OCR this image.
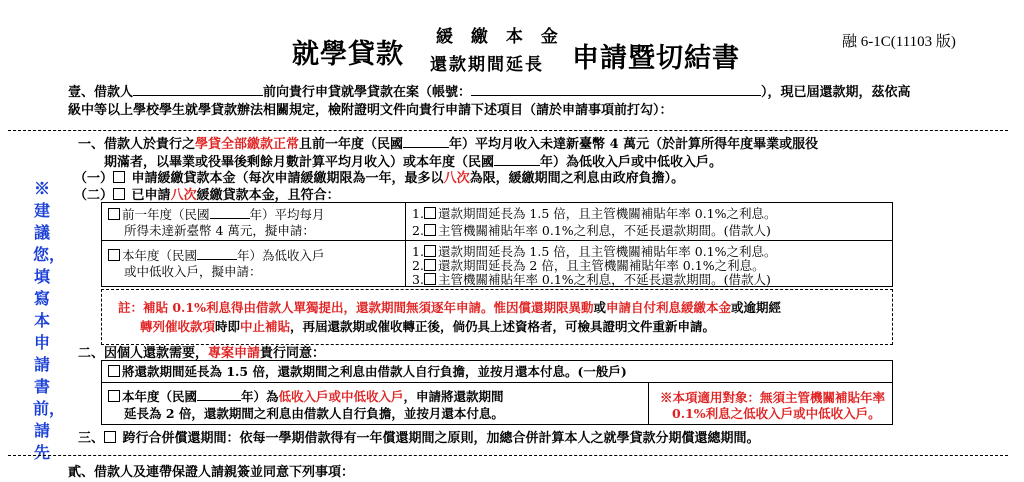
就學貸款
緩 繳 本 金
還款期間延長 申請暨切結書
融 6-1C(11103 版)
壹、借款人	前向貴行申貸就學貸款在案（帳號：	），現已屆還款期，茲依高
級中等以上學校學生就學貸款辦法相關規定，檢附證明文件向貴行申請下述項目（請於申請事項前打勾）：
※建議您，填寫本申請書前，請先
一、借款人於貴行之學貸全部繳款正常且前一年度（民國	年）平均月收入未達新臺幣 4 萬元（於計算所得年度畢業或服役
期滿者，以畢業或役畢後剩餘月數計算平均月收入）或本年度（民國	年）為低收入戶或中低收入戶。
（一） 申請緩繳貸款本金（每次申請緩繳期限為一年，最多以八次為限，緩繳期間之利息由政府負擔）。
（二） 已申請八次緩繳貸款本金，且符合：
前一年度（民國	年）平均每月
所得未達新臺幣 4 萬元，擬申請：
1. 還款期間延長為 1.5 倍，且主管機關補貼年率 0.1%之利息。
2. 主管機關補貼年率 0.1%之利息，不延長還款期間。(借款人)
本年度（民國	年）為低收入戶
或中低收入戶，擬申請：
1. 還款期間延長為 1.5 倍，且主管機關補貼年率 0.1%之利息。
2. 還款期間延長為 2 倍，且主管機關補貼年率 0.1%之利息。
3. 主管機關補貼年率 0.1%之利息，不延長還款期間。(借款人)
註：補貼 0.1%利息得由借款人單獨提出，還款期間無須逐年申請。惟因償還期限異動或申請自付利息緩繳本金或逾期經
轉列催收款項時即中止補貼，再屆還款期或催收轉正後，倘仍具上述資格者，可檢具證明文件重新申請。
二、因個人還款需要，專案申請貴行同意：
將還款期間延長為 1.5 倍，還款期間之利息由借款人自行負擔，並按月還本付息。(一般戶)
本年度（民國	年）為低收入戶或中低收入戶，申請將還款期間
延長為 2 倍，還款期間之利息由借款人自行負擔，並按月還本付息。
※本項適用對象：無須主管機關補貼年率
0.1%利息之低收入戶或中低收入戶。
三、 跨行合併償還期間：依每一學期借款得有一年償還期間之原則，加總合併計算本人之就學貸款分期償還總期間。
貳、借款人及連帶保證人請親簽並同意下列事項：
